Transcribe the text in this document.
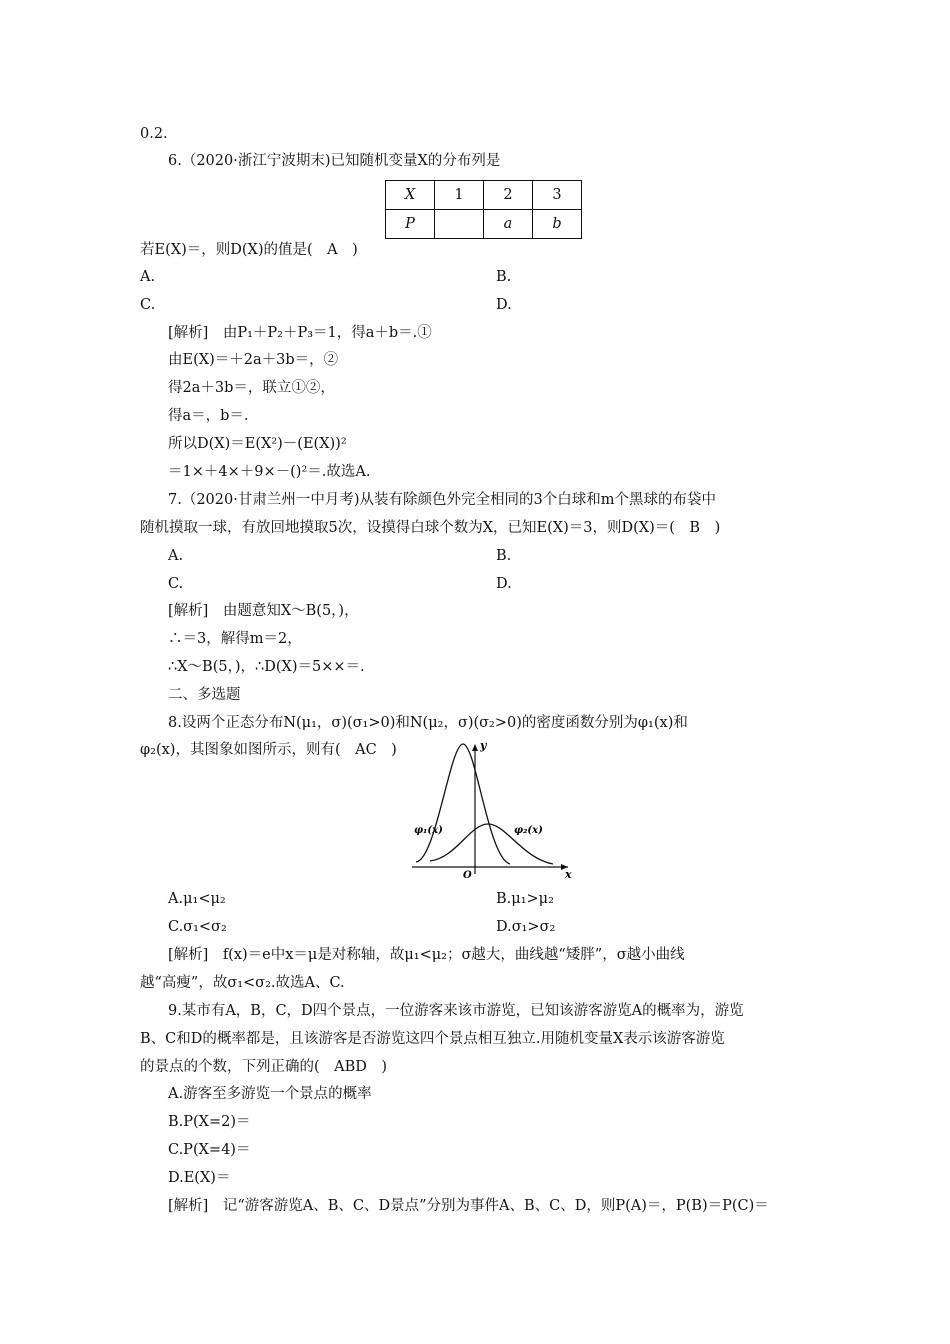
0.2.
6.（2020·浙江宁波期末)已知随机变量X的分布列是
X	1	2	3
P		a	b
若E(X)＝，则D(X)的值是(　A　)
A.	B.
C.	D.
[解析]　由P₁＋P₂＋P₃＝1，得a＋b＝.①
由E(X)＝＋2a＋3b＝，②
得2a＋3b＝，联立①②，
得a＝，b＝.
所以D(X)＝E(X²)－(E(X))²
＝1×＋4×＋9×－()²＝.故选A.
7.（2020·甘肃兰州一中月考)从装有除颜色外完全相同的3个白球和m个黑球的布袋中
随机摸取一球，有放回地摸取5次，设摸得白球个数为X，已知E(X)＝3，则D(X)＝(　B　)
A.	B.
C.	D.
[解析]　由题意知X～B(5，)，
∴＝3，解得m＝2，
∴X～B(5，)，∴D(X)＝5××＝.
二、多选题
8.设两个正态分布N(μ₁，σ)(σ₁>0)和N(μ₂，σ)(σ₂>0)的密度函数分别为φ₁(x)和
φ₂(x)，其图象如图所示，则有(　AC　)
x
y
O
φ₁(x)	φ₂(x)
A.μ₁<μ₂	B.μ₁>μ₂
C.σ₁<σ₂	D.σ₁>σ₂
[解析]　f(x)＝e中x＝μ是对称轴，故μ₁<μ₂；σ越大，曲线越“矮胖”，σ越小曲线
越“高瘦”，故σ₁<σ₂.故选A、C.
9.某市有A，B，C，D四个景点，一位游客来该市游览，已知该游客游览A的概率为，游览
B、C和D的概率都是，且该游客是否游览这四个景点相互独立.用随机变量X表示该游客游览
的景点的个数，下列正确的(　ABD　)
A.游客至多游览一个景点的概率
B.P(X=2)＝
C.P(X=4)＝
D.E(X)＝
[解析]　记“游客游览A、B、C、D景点”分别为事件A、B、C、D，则P(A)＝，P(B)＝P(C)＝
